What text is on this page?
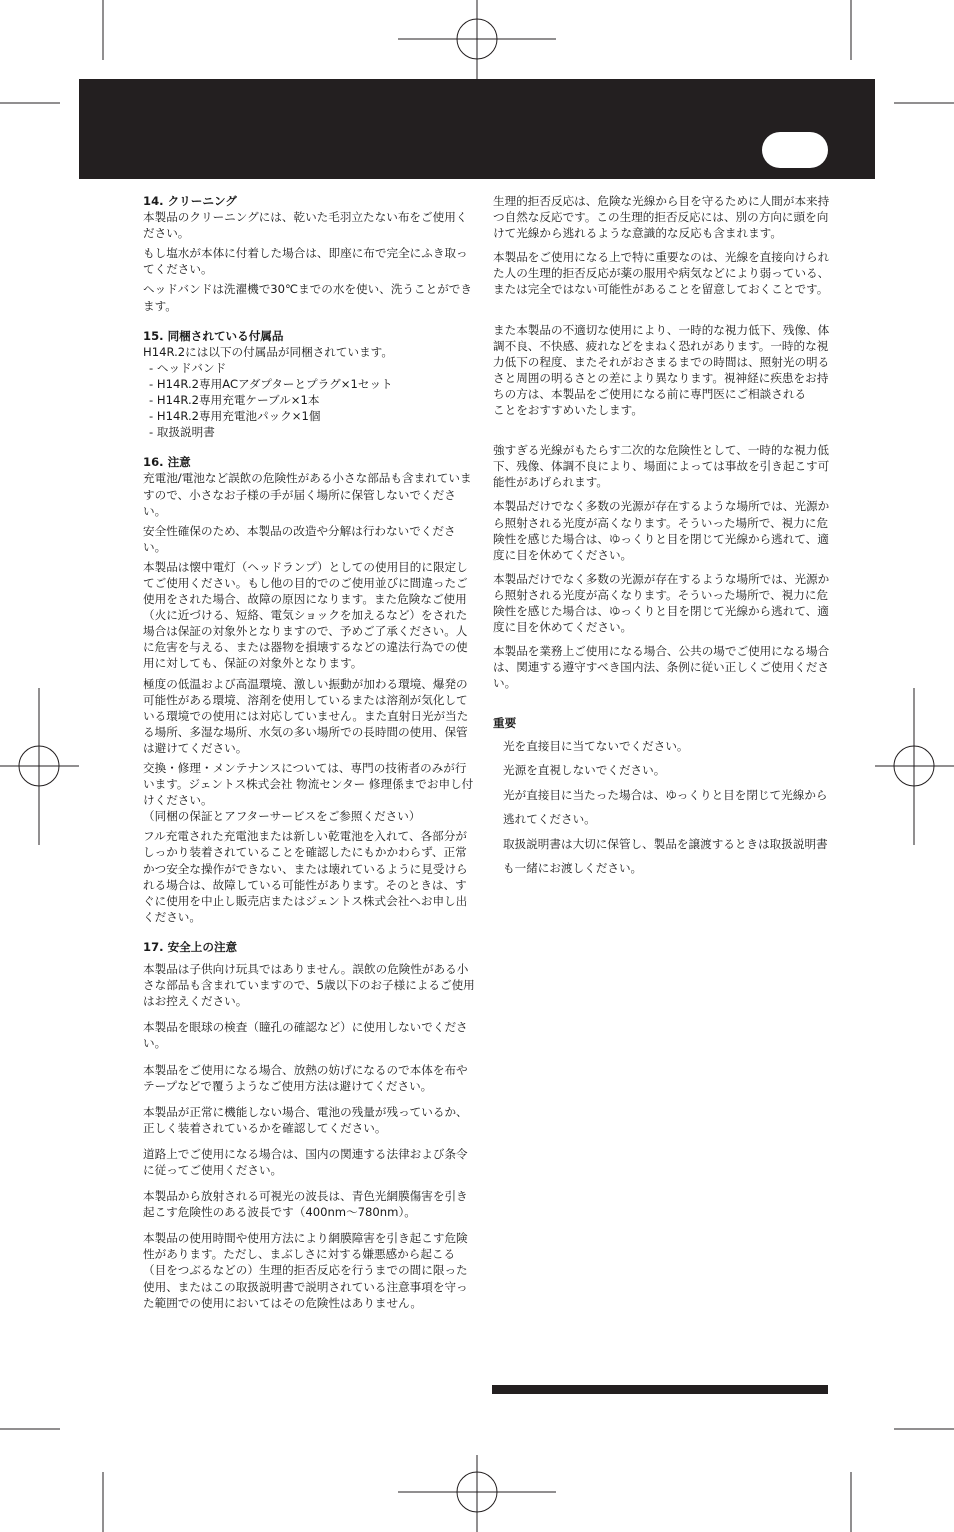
14. クリーニング

本製品のクリーニングには、乾いた毛羽立たない布をご使用ください。

もし塩水が本体に付着した場合は、即座に布で完全にふき取ってください。

ヘッドバンドは洗濯機で30℃までの水を使い、洗うことができます。

15. 同梱されている付属品

H14R.2には以下の付属品が同梱されています。

- ヘッドバンド
- H14R.2専用ACアダプターとプラグ×1セット
- H14R.2専用充電ケーブル×1本
- H14R.2専用充電池パック×1個
- 取扱説明書

16. 注意

充電池/電池など誤飲の危険性がある小さな部品も含まれていますので、小さなお子様の手が届く場所に保管しないでください。

安全性確保のため、本製品の改造や分解は行わないでください。

本製品は懐中電灯（ヘッドランプ）としての使用目的に限定してご使用ください。もし他の目的でのご使用並びに間違ったご使用をされた場合、故障の原因になります。また危険なご使用（火に近づける、短絡、電気ショックを加えるなど）をされた場合は保証の対象外となりますので、予めご了承ください。人に危害を与える、または器物を損壊するなどの違法行為での使用に対しても、保証の対象外となります。

極度の低温および高温環境、激しい振動が加わる環境、爆発の可能性がある環境、溶剤を使用しているまたは溶剤が気化している環境での使用には対応していません。また直射日光が当たる場所、多湿な場所、水気の多い場所での長時間の使用、保管は避けてください。

交換・修理・メンテナンスについては、専門の技術者のみが行います。ジェントス株式会社 物流センター 修理係までお申し付けください。
（同梱の保証とアフターサービスをご参照ください）

フル充電された充電池または新しい乾電池を入れて、各部分がしっかり装着されていることを確認したにもかかわらず、正常かつ安全な操作ができない、または壊れているように見受けられる場合は、故障している可能性があります。そのときは、すぐに使用を中止し販売店またはジェントス株式会社へお申し出ください。

17. 安全上の注意

本製品は子供向け玩具ではありません。誤飲の危険性がある小さな部品も含まれていますので、5歳以下のお子様によるご使用はお控えください。

本製品を眼球の検査（瞳孔の確認など）に使用しないでください。

本製品をご使用になる場合、放熱の妨げになるので本体を布やテープなどで覆うようなご使用方法は避けてください。

本製品が正常に機能しない場合、電池の残量が残っているか、正しく装着されているかを確認してください。

道路上でご使用になる場合は、国内の関連する法律および条令に従ってご使用ください。

本製品から放射される可視光の波長は、青色光網膜傷害を引き起こす危険性のある波長です（400nm〜780nm）。

本製品の使用時間や使用方法により網膜障害を引き起こす危険性があります。ただし、まぶしさに対する嫌悪感から起こる（目をつぶるなどの）生理的拒否反応を行うまでの間に限った使用、またはこの取扱説明書で説明されている注意事項を守った範囲での使用においてはその危険性はありません。

生理的拒否反応は、危険な光線から目を守るために人間が本来持つ自然な反応です。この生理的拒否反応には、別の方向に頭を向けて光線から逃れるような意識的な反応も含まれます。

本製品をご使用になる上で特に重要なのは、光線を直接向けられた人の生理的拒否反応が薬の服用や病気などにより弱っている、または完全ではない可能性があることを留意しておくことです。

また本製品の不適切な使用により、一時的な視力低下、残像、体調不良、不快感、疲れなどをまねく恐れがあります。一時的な視力低下の程度、またそれがおさまるまでの時間は、照射光の明るさと周囲の明るさとの差により異なります。視神経に疾患をお持ちの方は、本製品をご使用になる前に専門医にご相談される
ことをおすすめいたします。

強すぎる光線がもたらす二次的な危険性として、一時的な視力低下、残像、体調不良により、場面によっては事故を引き起こす可能性があげられます。

本製品だけでなく多数の光源が存在するような場所では、光源から照射される光度が高くなります。そういった場所で、視力に危険性を感じた場合は、ゆっくりと目を閉じて光線から逃れて、適度に目を休めてください。

本製品だけでなく多数の光源が存在するような場所では、光源から照射される光度が高くなります。そういった場所で、視力に危険性を感じた場合は、ゆっくりと目を閉じて光線から逃れて、適度に目を休めてください。

本製品を業務上ご使用になる場合、公共の場でご使用になる場合は、関連する遵守すべき国内法、条例に従い正しくご使用ください。

重要

光を直接目に当てないでください。

光源を直視しないでください。

光が直接目に当たった場合は、ゆっくりと目を閉じて光線から逃れてください。

取扱説明書は大切に保管し、製品を譲渡するときは取扱説明書も一緒にお渡しください。
